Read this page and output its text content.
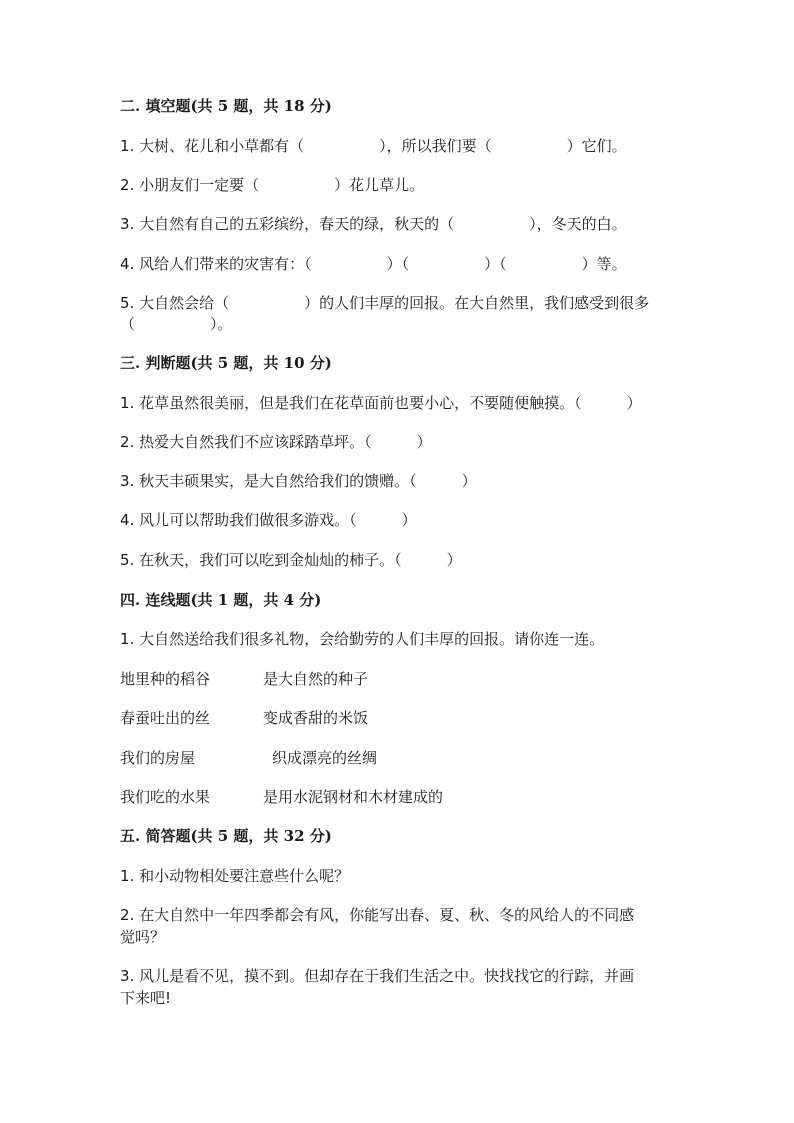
二. 填空题(共 5 题，共 18 分)
1. 大树、花儿和小草都有（　　　　　），所以我们要（　　　　　）它们。
2. 小朋友们一定要（　　　　　）花儿草儿。
3. 大自然有自己的五彩缤纷，春天的绿，秋天的（　　　　　），冬天的白。
4. 风给人们带来的灾害有：（　　　　　）（　　　　　）（　　　　　）等。
5. 大自然会给（　　　　　）的人们丰厚的回报。在大自然里，我们感受到很多
（　　　　　）。
三. 判断题(共 5 题，共 10 分)
1. 花草虽然很美丽，但是我们在花草面前也要小心，不要随便触摸。（　　　）
2. 热爱大自然我们不应该踩踏草坪。（　　　）
3. 秋天丰硕果实，是大自然给我们的馈赠。（　　　）
4. 风儿可以帮助我们做很多游戏。（　　　）
5. 在秋天，我们可以吃到金灿灿的柿子。（　　　）
四. 连线题(共 1 题，共 4 分)
1. 大自然送给我们很多礼物，会给勤劳的人们丰厚的回报。请你连一连。
地里种的稻谷	是大自然的种子
春蚕吐出的丝	变成香甜的米饭
我们的房屋	织成漂亮的丝绸
我们吃的水果	是用水泥钢材和木材建成的
五. 简答题(共 5 题，共 32 分)
1. 和小动物相处要注意些什么呢？
2. 在大自然中一年四季都会有风，你能写出春、夏、秋、冬的风给人的不同感
觉吗？
3. 风儿是看不见，摸不到。但却存在于我们生活之中。快找找它的行踪，并画
下来吧!
